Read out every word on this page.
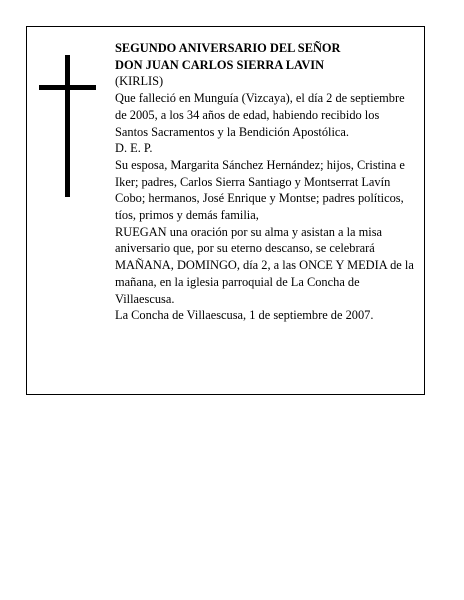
SEGUNDO ANIVERSARIO DEL SEÑOR

DON JUAN CARLOS SIERRA LAVIN

(KIRLIS)

Que falleció en Munguía (Vizcaya), el día 2 de septiembre de 2005, a los 34 años de edad, habiendo recibido los Santos Sacramentos y la Bendición Apostólica.

D. E. P.

Su esposa, Margarita Sánchez Hernández; hijos, Cristina e Iker; padres, Carlos Sierra Santiago y Montserrat Lavín Cobo; hermanos, José Enrique y Montse; padres políticos, tíos, primos y demás familia,

RUEGAN una oración por su alma y asistan a la misa aniversario que, por su eterno descanso, se celebrará MAÑANA, DOMINGO, día 2, a las ONCE Y MEDIA de la mañana, en la iglesia parroquial de La Concha de Villaescusa.

La Concha de Villaescusa, 1 de septiembre de 2007.
